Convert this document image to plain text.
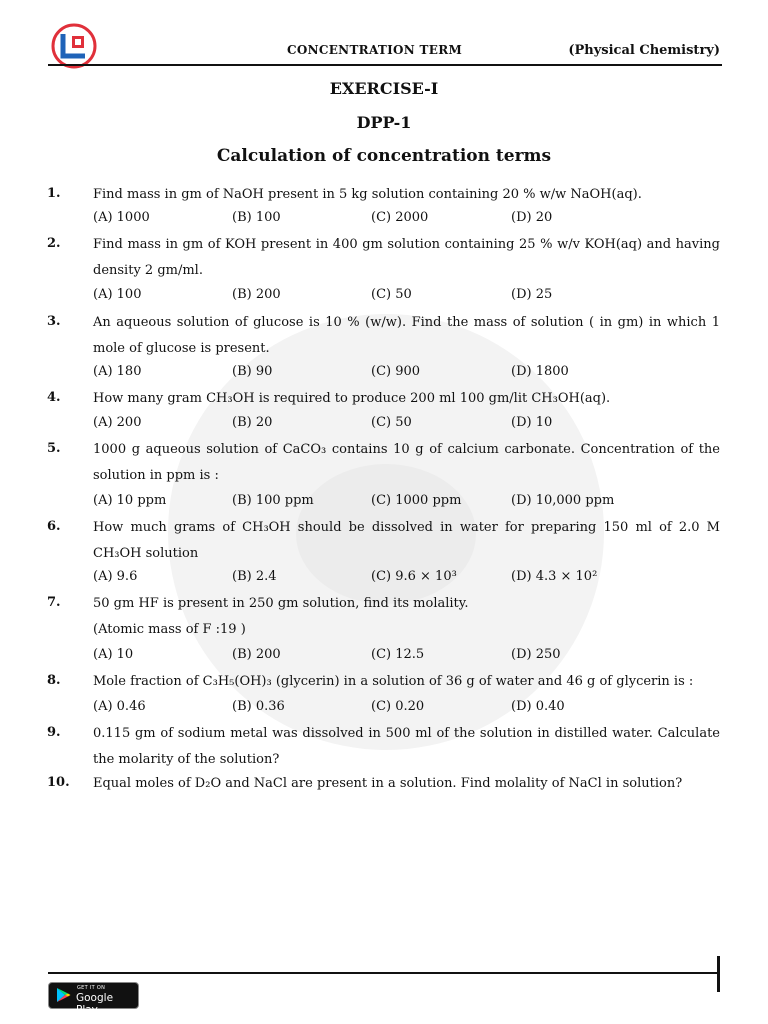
CONCENTRATION TERM	(Physical Chemistry)
EXERCISE-I
DPP-1
Calculation of concentration terms
1. Find mass in gm of NaOH present in 5 kg solution containing 20 % w/w NaOH(aq).
(A) 1000	(B) 100	(C) 2000	(D) 20
2. Find mass in gm of KOH present in 400 gm solution containing 25 % w/v KOH(aq) and having density 2 gm/ml.
(A) 100	(B) 200	(C) 50	(D) 25
3. An aqueous solution of glucose is 10 % (w/w). Find the mass of solution ( in gm) in which 1 mole of glucose is present.
(A) 180	(B) 90	(C) 900	(D) 1800
4. How many gram CH₃OH is required to produce 200 ml 100 gm/lit CH₃OH(aq).
(A) 200	(B) 20	(C) 50	(D) 10
5. 1000 g aqueous solution of CaCO₃ contains 10 g of calcium carbonate. Concentration of the solution in ppm is :
(A) 10 ppm	(B) 100 ppm	(C) 1000 ppm	(D) 10,000 ppm
6. How much grams of CH₃OH should be dissolved in water for preparing 150 ml of 2.0 M CH₃OH solution
(A) 9.6	(B) 2.4	(C) 9.6 × 10³	(D) 4.3 × 10²
7. 50 gm HF is present in 250 gm solution, find its molality.
(Atomic mass of F :19 )
(A) 10	(B) 200	(C) 12.5	(D) 250
8. Mole fraction of C₃H₅(OH)₃ (glycerin) in a solution of 36 g of water and 46 g of glycerin is :
(A) 0.46	(B) 0.36	(C) 0.20	(D) 0.40
9. 0.115 gm of sodium metal was dissolved in 500 ml of the solution in distilled water. Calculate the molarity of the solution?
10. Equal moles of D₂O and NaCl are present in a solution. Find molality of NaCl in solution?
GET IT ON
Google Play
